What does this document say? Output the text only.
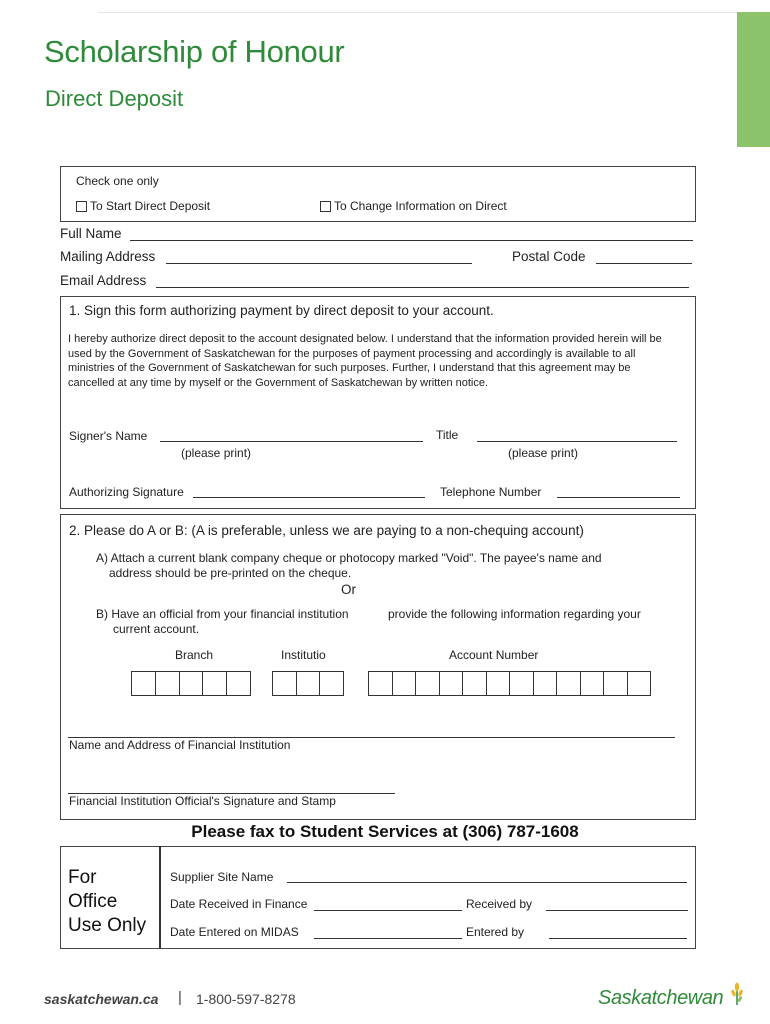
Scholarship of Honour
Direct Deposit
Check one only
To Start Direct Deposit	To Change Information on Direct
Full Name
Mailing Address	Postal Code
Email Address
1. Sign this form authorizing payment by direct deposit to your account.
I hereby authorize direct deposit to the account designated below. I understand that the information provided herein will be used by the Government of Saskatchewan for the purposes of payment processing and accordingly is available to all ministries of the Government of Saskatchewan for such purposes. Further, I understand that this agreement may be cancelled at any time by myself or the Government of Saskatchewan by written notice.
Signer's Name	Title
(please print)	(please print)
Authorizing Signature	Telephone Number
2. Please do A or B: (A is preferable, unless we are paying to a non-chequing account)
A) Attach a current blank company cheque or photocopy marked "Void". The payee's name and
address should be pre-printed on the cheque.
Or
B) Have an official from your financial institution	provide the following information regarding your
current account.
Branch	Institutio	Account Number
Name and Address of Financial Institution
Financial Institution Official's Signature and Stamp
Please fax to Student Services at (306) 787-1608
For
Office
Use Only
Supplier Site Name
Date Received in Finance	Received by
Date Entered on MIDAS	Entered by
saskatchewan.ca | 1-800-597-8278	Saskatchewan
